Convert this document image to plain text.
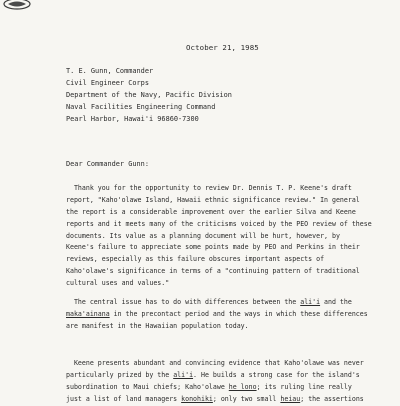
October 21, 1985
T. E. Gunn, Commander
Civil Engineer Corps
Department of the Navy, Pacific Division
Naval Facilities Engineering Command
Pearl Harbor, Hawai'i 96860-7300
Dear Commander Gunn:
Thank you for the opportunity to review Dr. Dennis T. P. Keene's draft
report, "Kaho'olawe Island, Hawaii ethnic significance review." In general
the report is a considerable improvement over the earlier Silva and Keene
reports and it meets many of the criticisms voiced by the PEO review of these
documents. Its value as a planning document will be hurt, however, by
Keene's failure to appreciate some points made by PEO and Perkins in their
reviews, especially as this failure obscures important aspects of
Kaho'olawe's significance in terms of a "continuing pattern of traditional
cultural uses and values."
The central issue has to do with differences between the ali'i and the
maka'ainana in the precontact period and the ways in which these differences
are manifest in the Hawaiian population today.
Keene presents abundant and convincing evidence that Kaho'olawe was never
particularly prized by the ali'i. He builds a strong case for the island's
subordination to Maui chiefs; Kaho'olawe he lono; its ruling line really
just a list of land managers konohiki; only two small heiau; the assertions
